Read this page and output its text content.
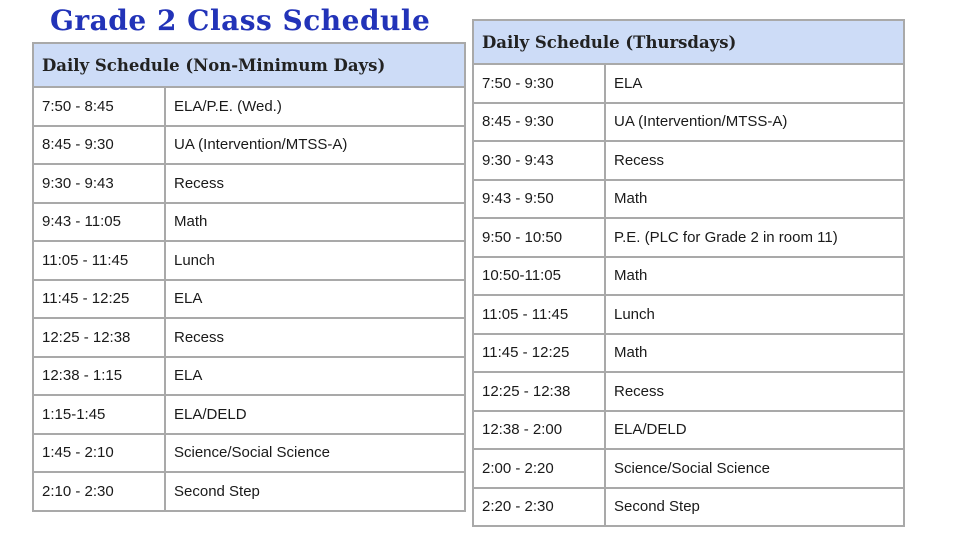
Grade 2 Class Schedule
Daily Schedule (Non-Minimum Days)	
7:50 - 8:45	ELA/P.E. (Wed.)
8:45 - 9:30	UA (Intervention/MTSS-A)
9:30 - 9:43	Recess
9:43 - 11:05	Math
11:05 - 11:45	Lunch
11:45 - 12:25	ELA
12:25 - 12:38	Recess
12:38 - 1:15	ELA
1:15-1:45	ELA/DELD
1:45 - 2:10	Science/Social Science
2:10 - 2:30	Second Step
Daily Schedule (Thursdays)	
7:50 - 9:30	ELA
8:45 - 9:30	UA (Intervention/MTSS-A)
9:30 - 9:43	Recess
9:43 - 9:50	Math
9:50 - 10:50	P.E. (PLC for Grade 2 in room 11)
10:50-11:05	Math
11:05 - 11:45	Lunch
11:45 - 12:25	Math
12:25 - 12:38	Recess
12:38 - 2:00	ELA/DELD
2:00 - 2:20	Science/Social Science
2:20 - 2:30	Second Step
